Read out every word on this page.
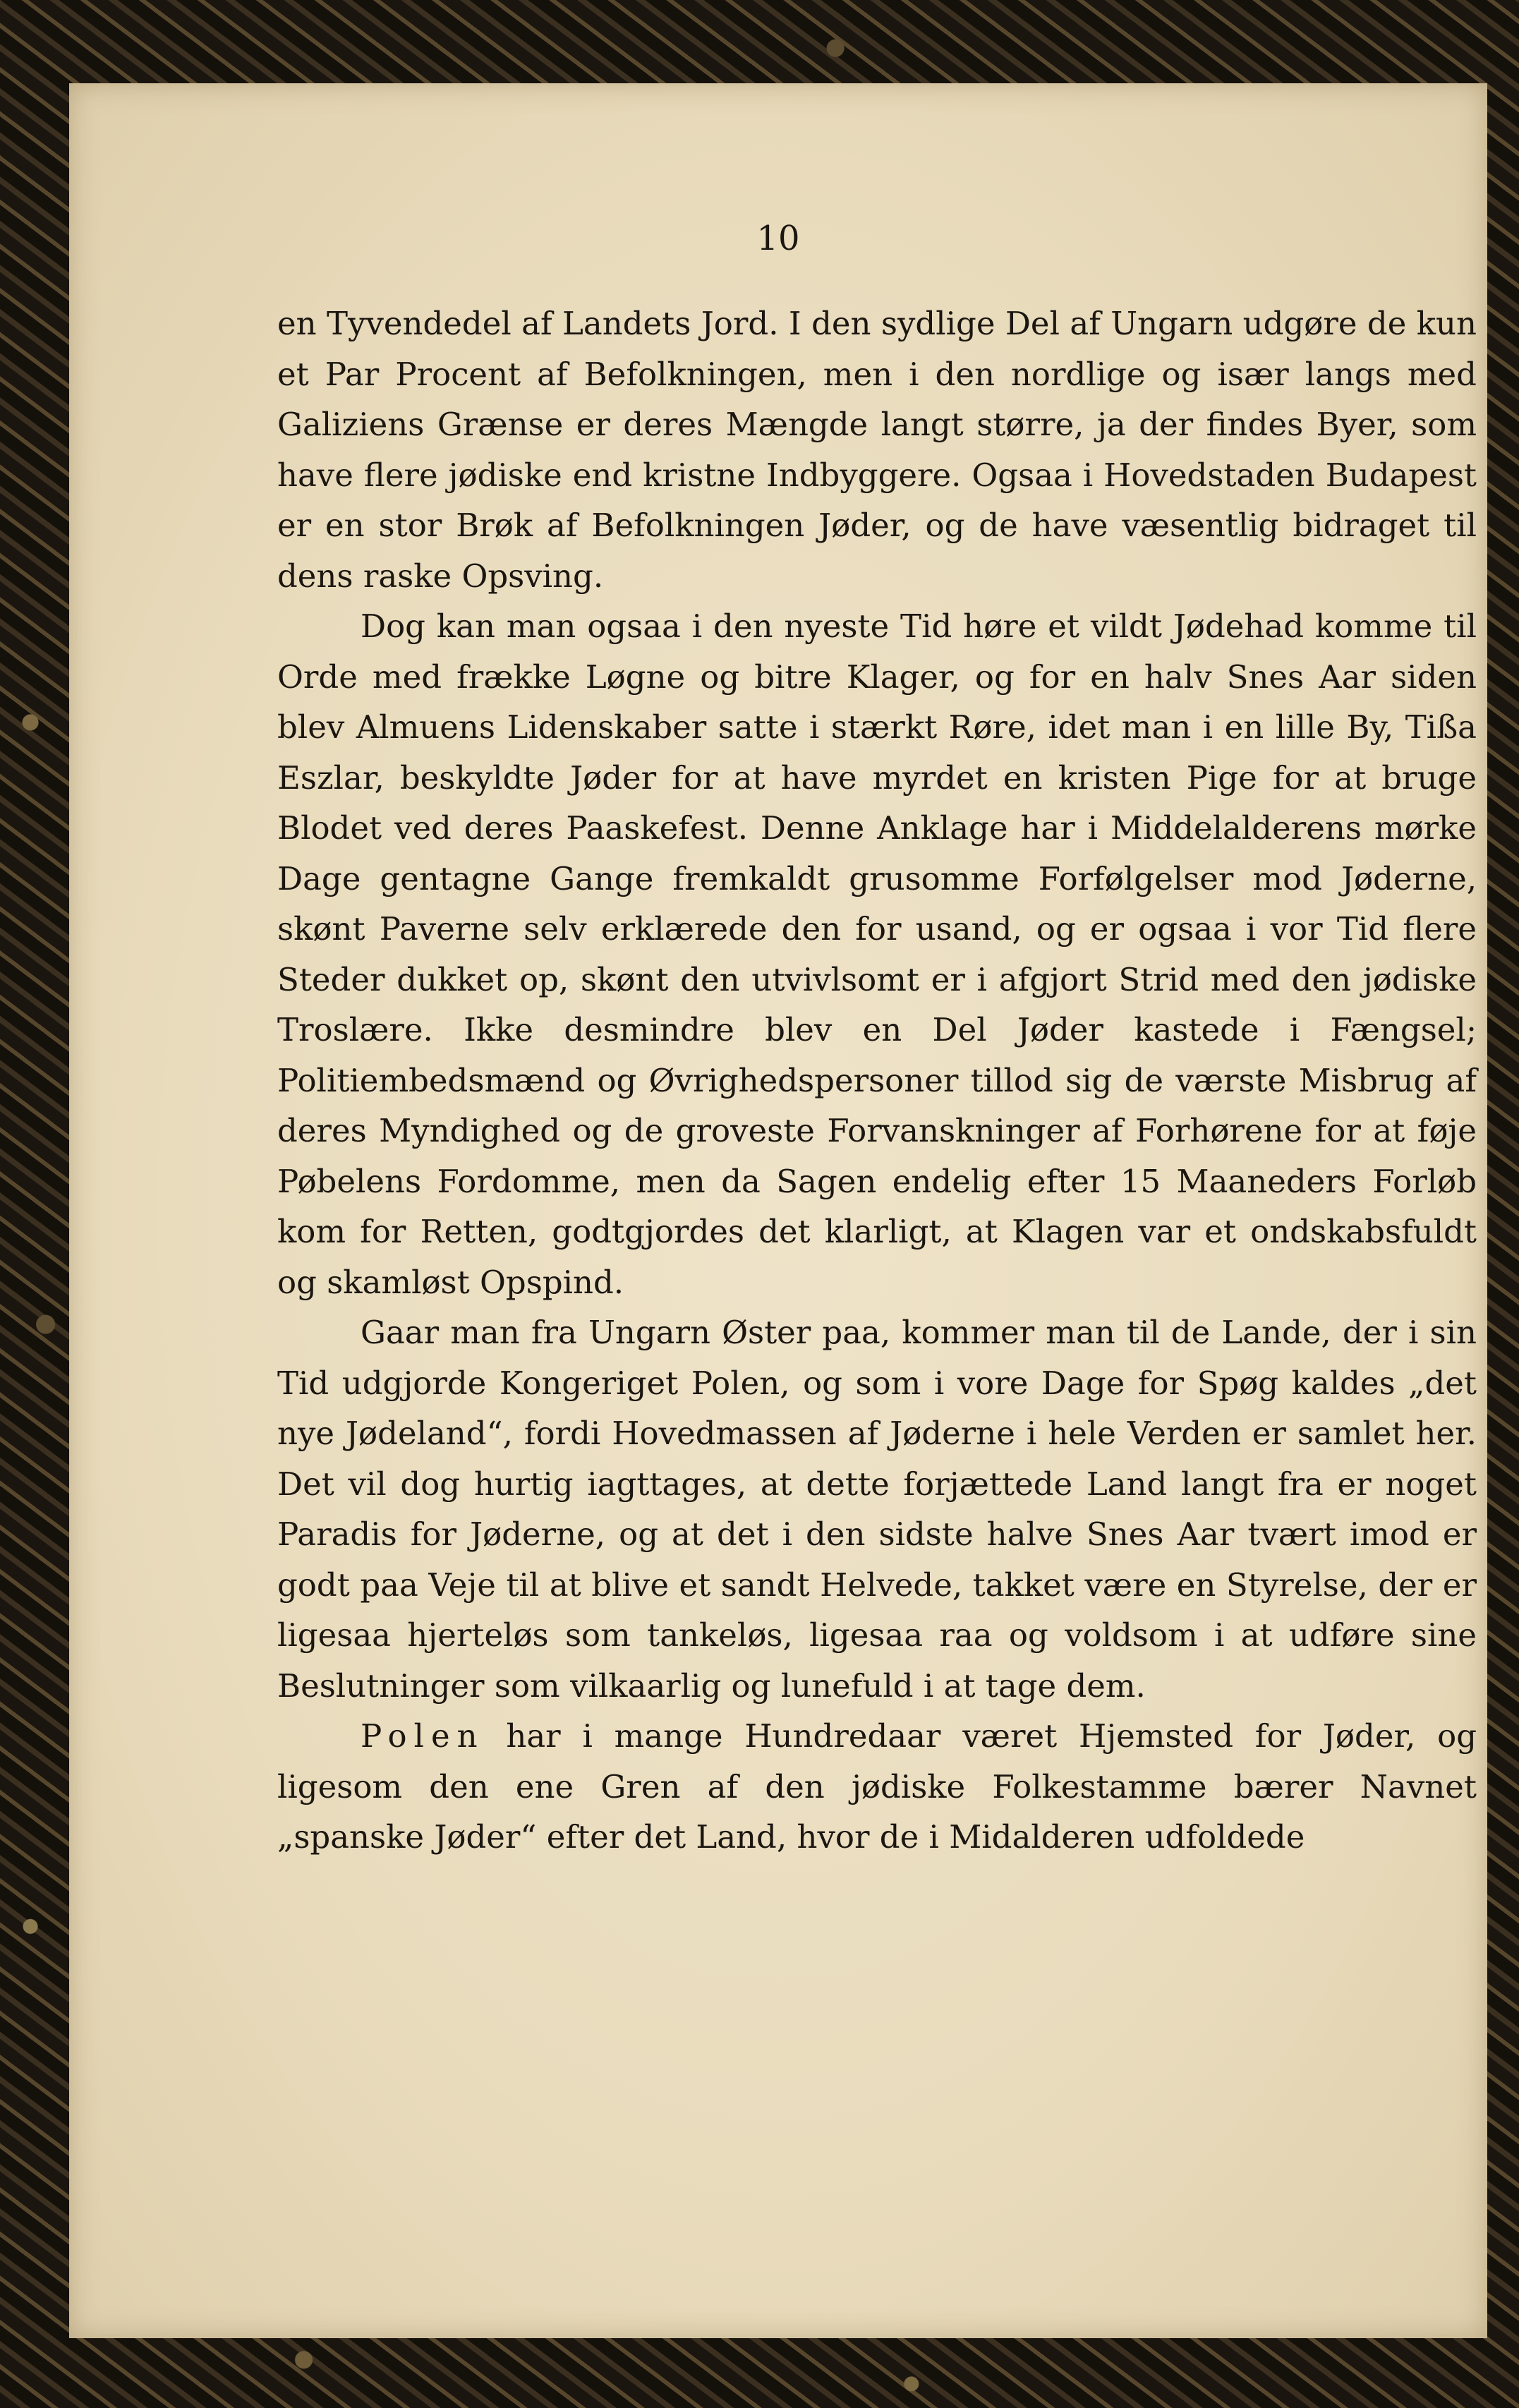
10

en Tyvendedel af Landets Jord. I den sydlige Del af Ungarn udgøre de kun et Par Procent af Befolkningen, men i den nordlige og især langs med Galiziens Grænse er deres Mængde langt større, ja der findes Byer, som have flere jødiske end kristne Indbyggere. Ogsaa i Hovedstaden Budapest er en stor Brøk af Befolkningen Jøder, og de have væsentlig bidraget til dens raske Opsving.

Dog kan man ogsaa i den nyeste Tid høre et vildt Jødehad komme til Orde med frække Løgne og bitre Klager, og for en halv Snes Aar siden blev Almuens Lidenskaber satte i stærkt Røre, idet man i en lille By, Tißa Eszlar, beskyldte Jøder for at have myrdet en kristen Pige for at bruge Blodet ved deres Paaskefest. Denne Anklage har i Middelalderens mørke Dage gentagne Gange fremkaldt grusomme Forfølgelser mod Jøderne, skønt Paverne selv erklærede den for usand, og er ogsaa i vor Tid flere Steder dukket op, skønt den utvivlsomt er i afgjort Strid med den jødiske Troslære. Ikke desmindre blev en Del Jøder kastede i Fængsel; Politiembedsmænd og Øvrighedspersoner tillod sig de værste Misbrug af deres Myndighed og de groveste Forvanskninger af Forhørene for at føje Pøbelens Fordomme, men da Sagen endelig efter 15 Maaneders Forløb kom for Retten, godtgjordes det klarligt, at Klagen var et ondskabsfuldt og skamløst Opspind.

Gaar man fra Ungarn Øster paa, kommer man til de Lande, der i sin Tid udgjorde Kongeriget Polen, og som i vore Dage for Spøg kaldes „det nye Jødeland“, fordi Hovedmassen af Jøderne i hele Verden er samlet her. Det vil dog hurtig iagttages, at dette forjættede Land langt fra er noget Paradis for Jøderne, og at det i den sidste halve Snes Aar tvært imod er godt paa Veje til at blive et sandt Helvede, takket være en Styrelse, der er ligesaa hjerteløs som tankeløs, ligesaa raa og voldsom i at udføre sine Beslutninger som vilkaarlig og lunefuld i at tage dem.

Polen har i mange Hundredaar været Hjemsted for Jøder, og ligesom den ene Gren af den jødiske Folkestamme bærer Navnet „spanske Jøder“ efter det Land, hvor de i Midalderen udfoldede
